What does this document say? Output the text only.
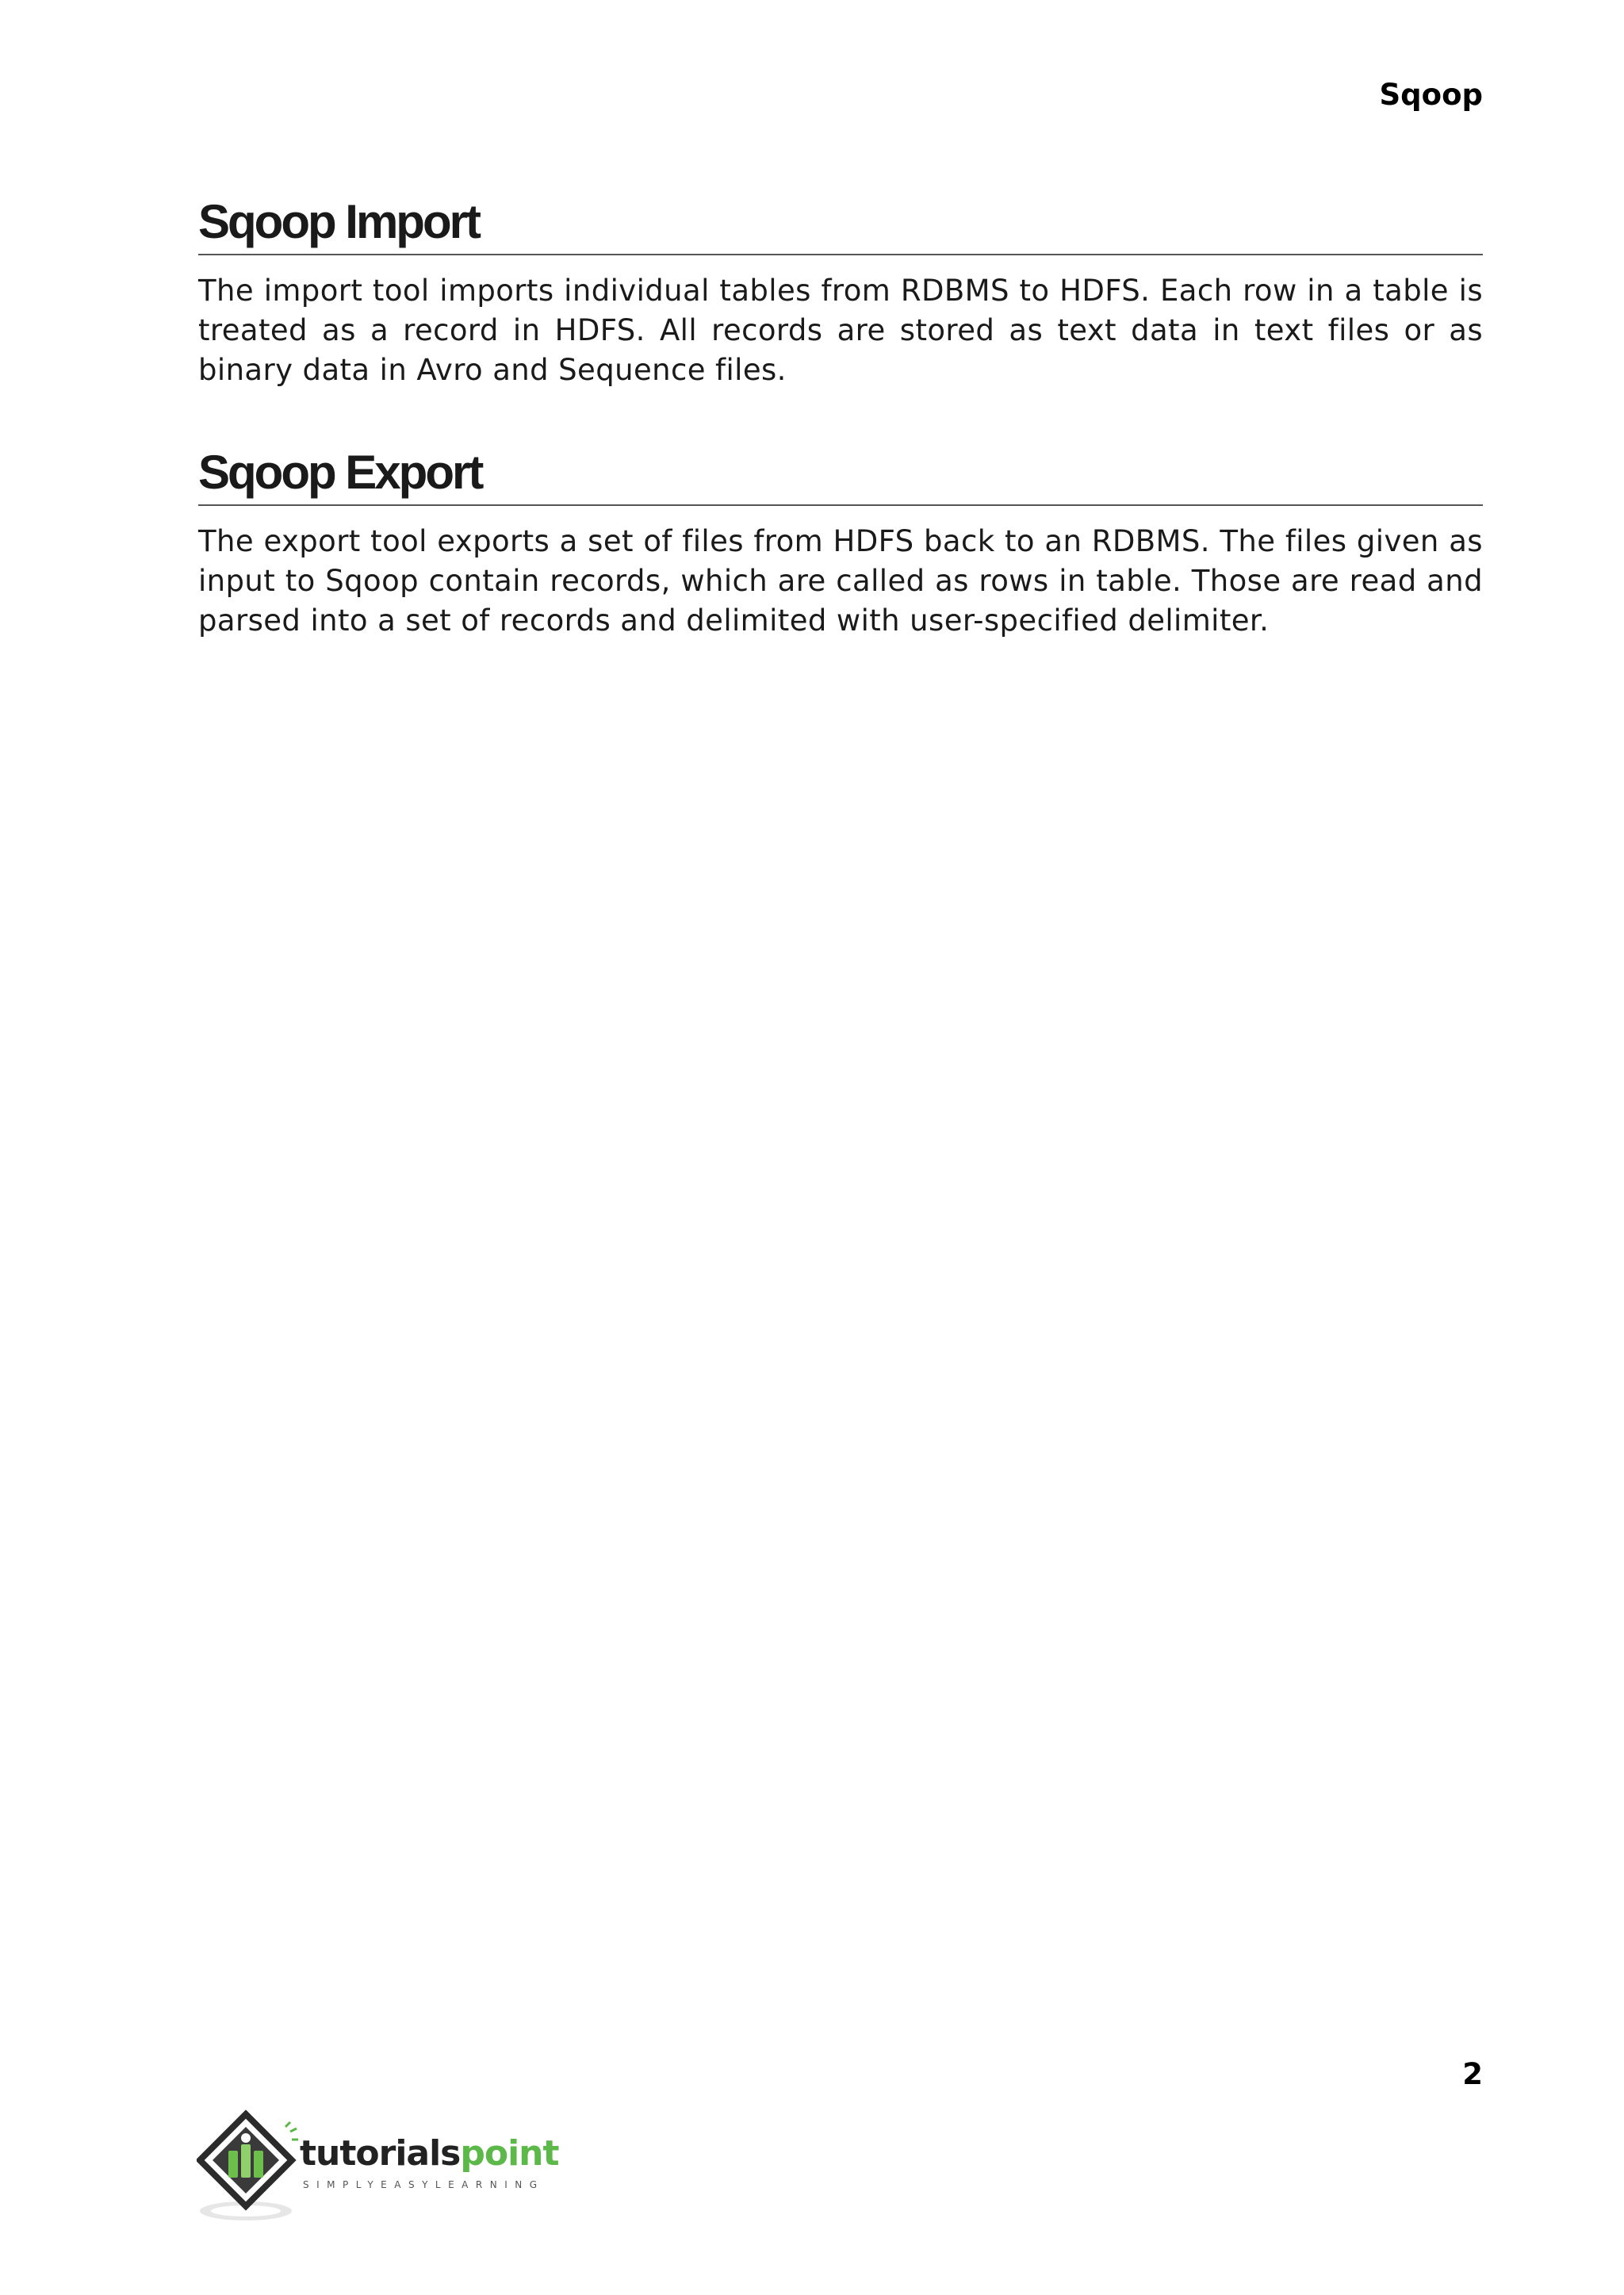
Sqoop
Sqoop Import

The import tool imports individual tables from RDBMS to HDFS. Each row in a table is treated as a record in HDFS. All records are stored as text data in text files or as binary data in Avro and Sequence files.

Sqoop Export

The export tool exports a set of files from HDFS back to an RDBMS. The files given as input to Sqoop contain records, which are called as rows in table. Those are read and parsed into a set of records and delimited with user-specified delimiter.

2
tutorialspoint
SIMPLYEASYLEARNING
